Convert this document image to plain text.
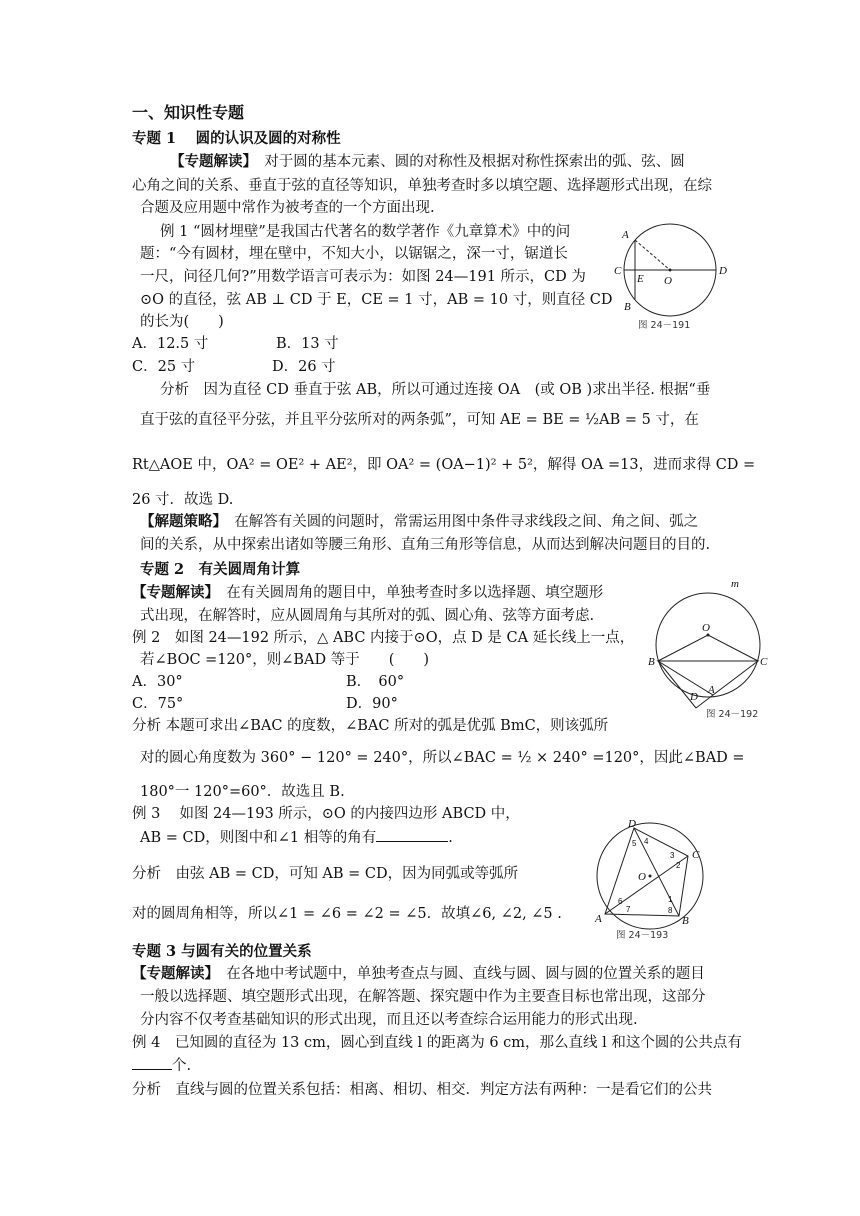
一、知识性专题
专题 1　 圆的认识及圆的对称性
【专题解读】　 对于圆的基本元素、圆的对称性及根据对称性探索出的弧、弦、圆
心角之间的关系、垂直于弦的直径等知识，单独考查时多以填空题、选择题形式出现，在综
合题及应用题中常作为被考查的一个方面出现.
例 1 “圆材埋壁”是我国古代著名的数学著作《九章算术》中的问
题：“今有圆材，埋在壁中，不知大小，以锯锯之，深一寸，锯道长
一尺，问径几何?”用数学语言可表示为：如图 24—191 所示，CD 为
⊙O 的直径，弦 AB ⊥ CD 于 E，CE = 1 寸，AB = 10 寸，则直径 CD
的长为(　　)
A．12.5 寸	B．13 寸
C．25 寸	D．26 寸
分析　因为直径 CD 垂直于弦 AB，所以可通过连接 OA　(或 OB )求出半径. 根据“垂
直于弦的直径平分弦，并且平分弦所对的两条弧”，可知 AE = BE = ½AB = 5 寸，在
Rt△AOE 中，OA² = OE² + AE²，即 OA² = (OA−1)² + 5²，解得 OA =13，进而求得 CD =
26 寸．故选 D.
【解题策略】　 在解答有关圆的问题时，常需运用图中条件寻求线段之间、角之间、弧之
间的关系，从中探索出诸如等腰三角形、直角三角形等信息，从而达到解决问题目的目的.
A
B
C	D
E O
图 24－191
专题 2　有关圆周角计算
【专题解读】　 在有关圆周角的题目中，单独考查时多以选择题、填空题形
式出现，在解答时，应从圆周角与其所对的弧、圆心角、弦等方面考虑.
例 2　如图 24—192 所示，△ ABC 内接于⊙O，点 D 是 CA 延长线上一点，
若∠BOC =120°，则∠BAD 等于　　(　　)
A．30°	B．　60°
C．75°	D．90°
分析 本题可求出∠BAC 的度数，∠BAC 所对的弧是优弧 BmC，则该弧所
对的圆心角度数为 360° − 120° = 240°，所以∠BAC = ½ × 240° =120°，因此∠BAD =
180°一 120°=60°．故选且 B.
例 3　 如图 24—193 所示，⊙O 的内接四边形 ABCD 中，
AB = CD，则图中和∠1 相等的角有	.
分析　由弦 AB = CD，可知 AB = CD，因为同弧或等弧所
对的圆周角相等，所以∠1 = ∠6 = ∠2 = ∠5．故填∠6, ∠2, ∠5 .
m
O
B	C
D
A
图 24－192
D
C
A	B
O
1
2
3
4
5
6
7	8
图 24－193
专题 3 与圆有关的位置关系
【专题解读】　 在各地中考试题中，单独考查点与圆、直线与圆、圆与圆的位置关系的题目
一般以选择题、填空题形式出现，在解答题、探究题中作为主要查目标也常出现，这部分
分内容不仅考查基础知识的形式出现，而且还以考查综合运用能力的形式出现.
例 4　已知圆的直径为 13 cm，圆心到直线 l 的距离为 6 cm，那么直线 l 和这个圆的公共点有
个.
分析　直线与圆的位置关系包括：相离、相切、相交．判定方法有两种：一是看它们的公共
